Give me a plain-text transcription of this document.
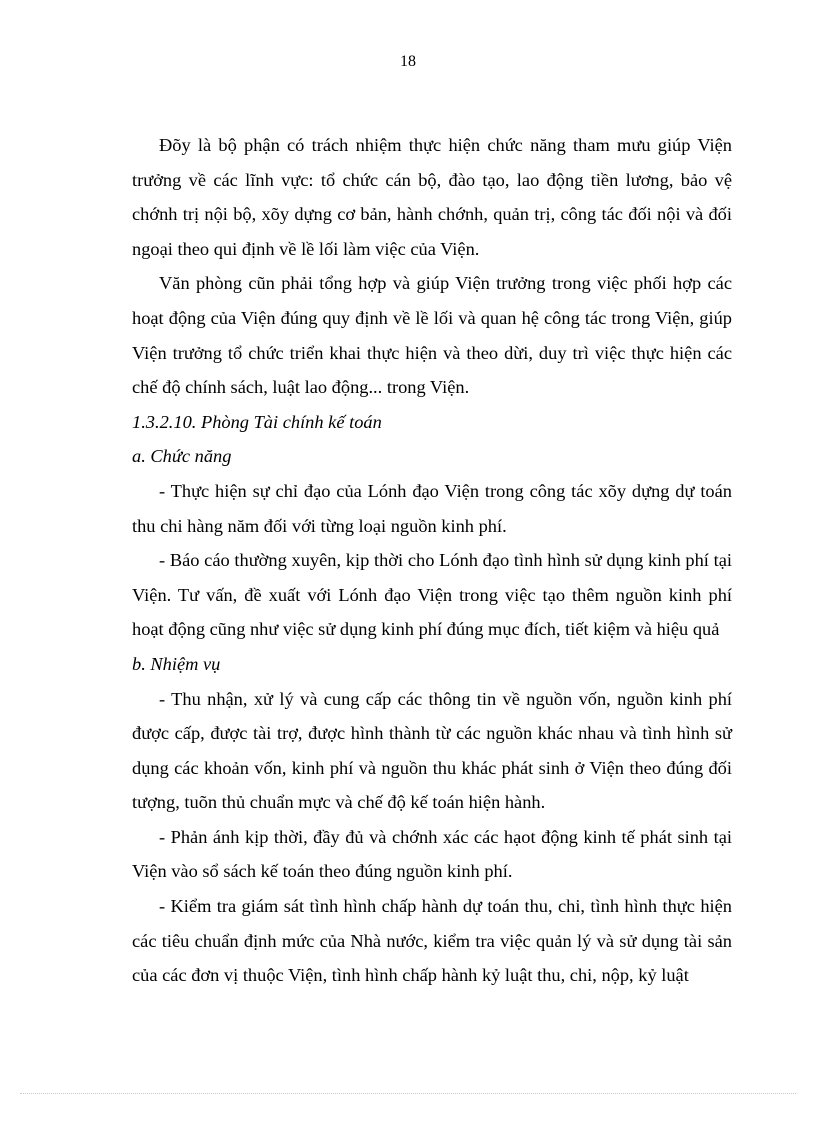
18

Đõy là bộ phận có trách nhiệm thực hiện chức năng tham mưu giúp Viện trưởng về các lĩnh vực: tổ chức cán bộ, đào tạo, lao động tiền lương, bảo vệ chớnh trị nội bộ, xõy dựng cơ bản, hành chớnh, quản trị, công tác đối nội và đối ngoại theo qui định về lề lối làm việc của Viện.

Văn phòng cũn phải tổng hợp và giúp Viện trưởng trong việc phối hợp các hoạt động của Viện đúng quy định về lề lối và quan hệ công tác trong Viện, giúp Viện trưởng tổ chức triển khai thực hiện và theo dừi, duy trì việc thực hiện các chế độ chính sách, luật lao động... trong Viện.

1.3.2.10. Phòng Tài chính kế toán

a. Chức năng

- Thực hiện sự chỉ đạo của Lónh đạo Viện trong công tác xõy dựng dự toán thu chi hàng năm đối với từng loại nguồn kinh phí.

- Báo cáo thường xuyên, kịp thời cho Lónh đạo tình hình sử dụng kinh phí tại Viện. Tư vấn, đề xuất với Lónh đạo Viện trong việc tạo thêm nguồn kinh phí hoạt động cũng như việc sử dụng kinh phí đúng mục đích, tiết kiệm và hiệu quả

b. Nhiệm vụ

- Thu nhận, xử lý và cung cấp các thông tin về nguồn vốn, nguồn kinh phí được cấp, được tài trợ, được hình thành từ các nguồn khác nhau và tình hình sử dụng các khoản vốn, kinh phí và nguồn thu khác phát sinh ở Viện theo đúng đối tượng, tuõn thủ chuẩn mực và chế độ kế toán hiện hành.

- Phản ánh kịp thời, đầy đủ và chớnh xác các hạot động kinh tế phát sinh tại Viện vào sổ sách kế toán theo đúng nguồn kinh phí.

- Kiểm tra giám sát tình hình chấp hành dự toán thu, chi, tình hình thực hiện các tiêu chuẩn định mức của Nhà nước, kiểm tra việc quản lý và sử dụng tài sản của các đơn vị thuộc Viện, tình hình chấp hành kỷ luật thu, chi, nộp, kỷ luật
